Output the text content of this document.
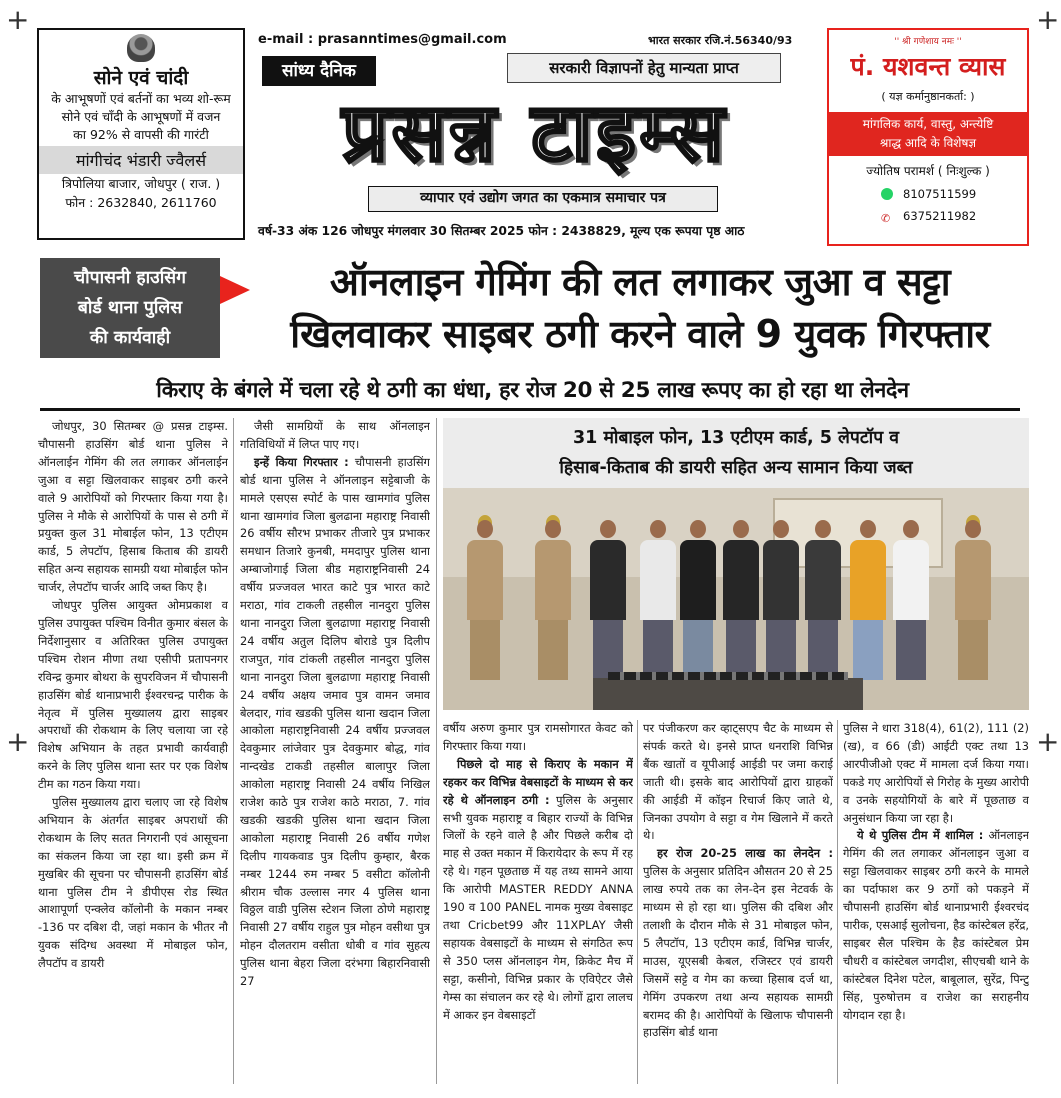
+	+
+	+
सोने एवं चांदी
के आभूषणों एवं बर्तनों का भव्य शो-रूम
सोने एवं चाँदी के आभूषणों में वजन
का 92% से वापसी की गारंटी
मांगीचंद भंडारी ज्वैलर्स
त्रिपोलिया बाजार, जोधपुर ( राज. )
फोन : 2632840, 2611760
e-mail : prasanntimes@gmail.com	भारत सरकार रजि.नं.56340/93
सांध्य दैनिक	सरकारी विज्ञापनों हेतु मान्यता प्राप्त
प्रसन्न टाइम्स
व्यापार एवं उद्योग जगत का एकमात्र समाचार पत्र
वर्ष-33 अंक 126 जोधपुर मंगलवार 30 सितम्बर 2025 फोन : 2438829, मूल्य एक रूपया पृष्ठ आठ
'' श्री गणेशाय नमः ''
पं. यशवन्त व्यास
( यज्ञ कर्मानुष्ठानकर्ता: )
मांगलिक कार्य, वास्तु, अन्त्येष्टि
श्राद्ध आदि के विशेषज्ञ
ज्योतिष परामर्श ( निःशुल्क )
8107511599
✆ 6375211982
चौपासनी हाउसिंग
बोर्ड थाना पुलिस
की कार्यवाही
ऑनलाइन गेमिंग की लत लगाकर जुआ व सट्टा
खिलवाकर साइबर ठगी करने वाले 9 युवक गिरफ्तार
किराए के बंगले में चला रहे थे ठगी का धंधा, हर रोज 20 से 25 लाख रूपए का हो रहा था लेनदेन

जोधपुर, 30 सितम्बर @ प्रसन्न टाइम्स. चौपासनी हाउसिंग बोर्ड थाना पुलिस ने ऑनलाईन गेमिंग की लत लगाकर ऑनलाईन जुआ व सट्टा खिलवाकर साइबर ठगी करने वाले 9 आरोपियों को गिरफ्तार किया गया है। पुलिस ने मौके से आरोपियों के पास से ठगी में प्रयुक्त कुल 31 मोबाईल फोन, 13 एटीएम कार्ड, 5 लेपटॉप, हिसाब किताब की डायरी सहित अन्य सहायक सामग्री यथा मोबाईल फोन चार्जर, लेपटॉप चार्जर आदि जब्त किए है।

जोधपुर पुलिस आयुक्त ओमप्रकाश व पुलिस उपायुक्त पश्चिम विनीत कुमार बंसल के निर्देशानुसार व अतिरिक्त पुलिस उपायुक्त पश्चिम रोशन मीणा तथा एसीपी प्रतापनगर रविन्द्र कुमार बोथरा के सुपरविजन में चौपासनी हाउसिंग बोर्ड थानाप्रभारी ईश्वरचन्द्र पारीक के नेतृत्व में पुलिस मुख्यालय द्वारा साइबर अपराधों की रोकथाम के लिए चलाया जा रहे विशेष अभियान के तहत प्रभावी कार्यवाही करने के लिए पुलिस थाना स्तर पर एक विशेष टीम का गठन किया गया।

पुलिस मुख्यालय द्वारा चलाए जा रहे विशेष अभियान के अंतर्गत साइबर अपराधों की रोकथाम के लिए सतत निगरानी एवं आसूचना का संकलन किया जा रहा था। इसी क्रम में मुखबिर की सूचना पर चौपासनी हाउसिंग बोर्ड थाना पुलिस टीम ने डीपीएस रोड स्थित आशापूर्णा एन्क्लेव कॉलोनी के मकान नम्बर -136 पर दबिश दी, जहां मकान के भीतर नौ युवक संदिग्ध अवस्था में मोबाइल फोन, लैपटॉप व डायरी

जैसी सामग्रियों के साथ ऑनलाइन गतिविधियों में लिप्त पाए गए।

इन्हें किया गिरफ्तार : चौपासनी हाउसिंग बोर्ड थाना पुलिस ने ऑनलाइन सट्टेबाजी के मामले एसएस स्पोर्ट के पास खामगांव पुलिस थाना खामगांव जिला बुलढाना महाराष्ट्र निवासी 26 वर्षीय सौरभ प्रभाकर तीजारे पुत्र प्रभाकर समधान तिजारे कुनबी, ममदापुर पुलिस थाना अम्बाजोगाई जिला बीड महाराष्ट्रनिवासी 24 वर्षीय प्रज्जवल भारत काटे पुत्र भारत काटे मराठा, गांव टाकली तहसील नानदुरा पुलिस थाना नानदुरा जिला बुलढाणा महाराष्ट्र निवासी 24 वर्षीय अतुल दिलिप बोराडे पुत्र दिलीप राजपुत, गांव टांकली तहसील नानदुरा पुलिस थाना नानदुरा जिला बुलढाणा महाराष्ट्र निवासी 24 वर्षीय अक्षय जमाव पुत्र वामन जमाव बेलदार, गांव खडकी पुलिस थाना खदान जिला आकोला महाराष्ट्रनिवासी 24 वर्षीय प्रज्जवल देवकुमार लांजेवार पुत्र देवकुमार बोद्ध, गांव नान्दखेड टाकडी तहसील बालापुर जिला आकोला महाराष्ट्र निवासी 24 वर्षीय निखिल राजेश काठे पुत्र राजेश काठे मराठा, 7. गांव खडकी खडकी पुलिस थाना खदान जिला आकोला महाराष्ट्र निवासी 26 वर्षीय गणेश दिलीप गायकवाड पुत्र दिलीप कुम्हार, बैरक नम्बर 1244 रुम नम्बर 5 वसीटा कॉलोनी श्रीराम चौक उल्लास नगर 4 पुलिस थाना विठ्ठल वाडी पुलिस स्टेशन जिला ठोणे महाराष्ट्र निवासी 27 वर्षीय राहुल पुत्र मोहन वसीथा पुत्र मोहन दौलतराम वसीता धोबी व गांव सुहत्य पुलिस थाना बेहरा जिला दरंभगा बिहारनिवासी 27

31 मोबाइल फोन, 13 एटीएम कार्ड, 5 लेपटॉप व
हिसाब-किताब की डायरी सहित अन्य सामान किया जब्त

वर्षीय अरुण कुमार पुत्र रामसोगारत केवट को गिरफ्तार किया गया।

पिछले दो माह से किराए के मकान में रहकर कर विभिन्न वेबसाइटों के माध्यम से कर रहे थे ऑनलाइन ठगी : पुलिस के अनुसार सभी युवक महाराष्ट्र व बिहार राज्यों के विभिन्न जिलों के रहने वाले है और पिछले करीब दो माह से उक्त मकान में किरायेदार के रूप में रह रहे थे। गहन पूछताछ में यह तथ्य सामने आया कि आरोपी MASTER REDDY ANNA 190 व 100 PANEL नामक मुख्य वेबसाइट तथा Cricbet99 और 11XPLAY जैसी सहायक वेबसाइटों के माध्यम से संगठित रूप से 350 प्लस ऑनलाइन गेम, क्रिकेट मैच में सट्टा, कसीनो, विभिन्न प्रकार के एविऐटर जैसे गेम्स का संचालन कर रहे थे। लोगों द्वारा लालच में आकर इन वेबसाइटों

पर पंजीकरण कर व्हाट्सएप चैट के माध्यम से संपर्क करते थे। इनसे प्राप्त धनराशि विभिन्न बैंक खातों व यूपीआई आईडी पर जमा कराई जाती थी। इसके बाद आरोपियों द्वारा ग्राहकों की आईडी में कॉइन रिचार्ज किए जाते थे, जिनका उपयोग वे सट्टा व गेम खिलाने में करते थे।

हर रोज 20-25 लाख का लेनदेन : पुलिस के अनुसार प्रतिदिन औसतन 20 से 25 लाख रुपये तक का लेन-देन इस नेटवर्क के माध्यम से हो रहा था। पुलिस की दबिश और तलाशी के दौरान मौके से 31 मोबाइल फोन, 5 लैपटॉप, 13 एटीएम कार्ड, विभिन्न चार्जर, माउस, यूएसबी केबल, रजिस्टर एवं डायरी जिसमें सट्टे व गेम का कच्चा हिसाब दर्ज था, गेमिंग उपकरण तथा अन्य सहायक सामग्री बरामद की है। आरोपियों के खिलाफ चौपासनी हाउसिंग बोर्ड थाना

पुलिस ने धारा 318(4), 61(2), 111 (2) (ख), व 66 (डी) आईटी एक्ट तथा 13 आरपीजीओ एक्ट में मामला दर्ज किया गया। पकडे गए आरोपियों से गिरोह के मुख्य आरोपी व उनके सहयोगियों के बारे में पूछताछ व अनुसंधान किया जा रहा है।

ये थे पुलिस टीम में शामिल : ऑनलाइन गेमिंग की लत लगाकर ऑनलाइन जुआ व सट्टा खिलवाकर साइबर ठगी करने के मामले का पर्दाफाश कर 9 ठगों को पकड़ने में चौपासनी हाउसिंग बोर्ड थानाप्रभारी ईश्वरचंद पारीक, एसआई सुलोचना, हैड कांस्टेबल हरेंद्र, साइबर सैल पश्चिम के हैड कांस्टेबल प्रेम चौधरी व कांस्टेबल जगदीश, सीएचबी थाने के कांस्टेबल दिनेश पटेल, बाबूलाल, सुरेंद्र, पिन्टु सिंह, पुरुषोत्तम व राजेश का सराहनीय योगदान रहा है।
